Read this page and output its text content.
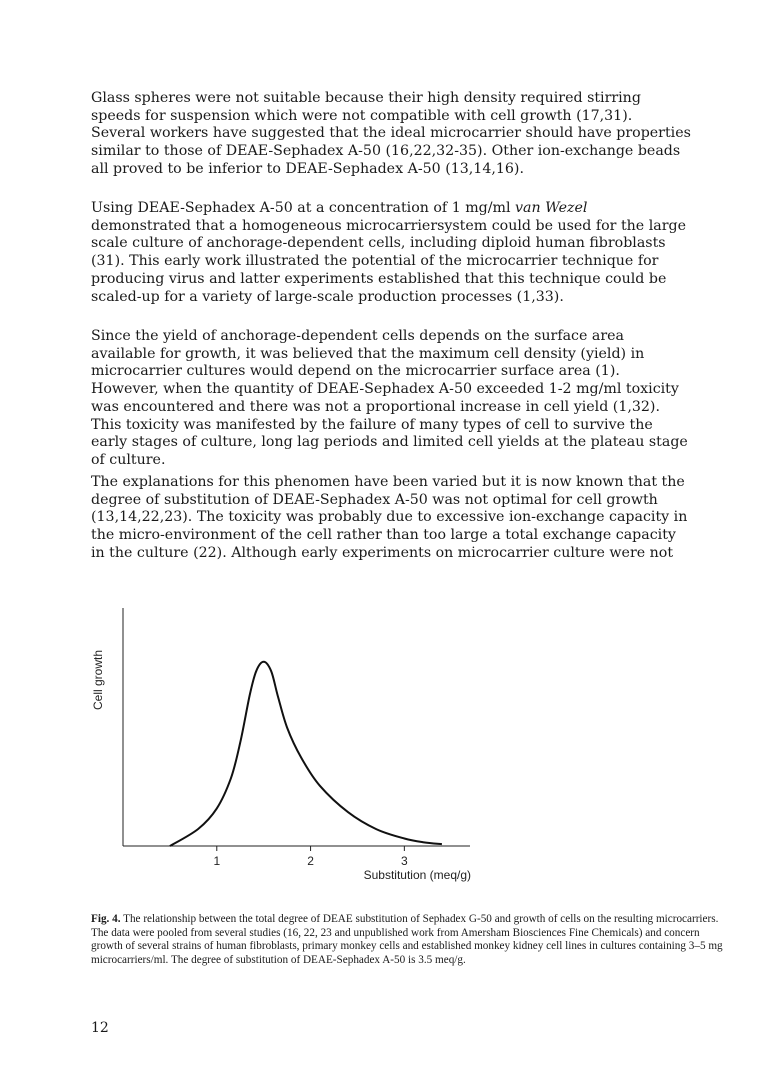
Glass spheres were not suitable because their high density required stirring speeds for suspension which were not compatible with cell growth (17,31). Several workers have suggested that the ideal microcarrier should have properties similar to those of DEAE-Sephadex A-50 (16,22,32-35). Other ion-exchange beads all proved to be inferior to DEAE-Sephadex A-50 (13,14,16).

Using DEAE-Sephadex A-50 at a concentration of 1 mg/ml van Wezel demonstrated that a homogeneous microcarriersystem could be used for the large scale culture of anchorage-dependent cells, including diploid human fibroblasts (31). This early work illustrated the potential of the microcarrier technique for producing virus and latter experiments established that this technique could be scaled-up for a variety of large-scale production processes (1,33).

Since the yield of anchorage-dependent cells depends on the surface area available for growth, it was believed that the maximum cell density (yield) in microcarrier cultures would depend on the microcarrier surface area (1). However, when the quantity of DEAE-Sephadex A-50 exceeded 1-2 mg/ml toxicity was encountered and there was not a proportional increase in cell yield (1,32). This toxicity was manifested by the failure of many types of cell to survive the early stages of culture, long lag periods and limited cell yields at the plateau stage of culture.

The explanations for this phenomen have been varied but it is now known that the degree of substitution of DEAE-Sephadex A-50 was not optimal for cell growth (13,14,22,23). The toxicity was probably due to excessive ion-exchange capacity in the micro-environment of the cell rather than too large a total exchange capacity in the culture (22). Although early experiments on microcarrier culture were not

1	2	3
Substitution (meq/g)
Cell growth

Fig. 4. The relationship between the total degree of DEAE substitution of Sephadex G-50 and growth of cells on the resulting microcarriers. The data were pooled from several studies (16, 22, 23 and unpublished work from Amersham Biosciences Fine Chemicals) and concern growth of several strains of human fibroblasts, primary monkey cells and established monkey kidney cell lines in cultures containing 3–5 mg microcarriers/ml. The degree of substitution of DEAE-Sephadex A-50 is 3.5 meq/g.

12
